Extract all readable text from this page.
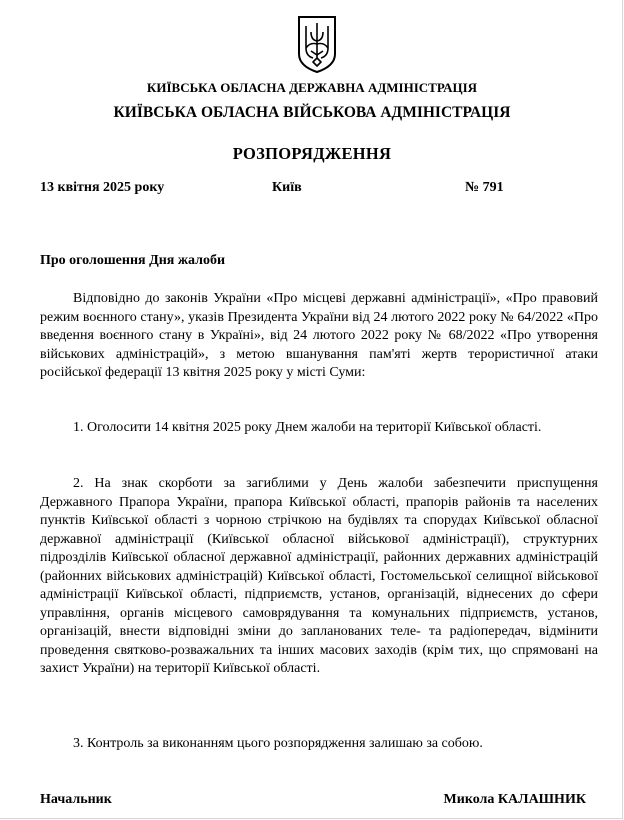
КИЇВСЬКА ОБЛАСНА ДЕРЖАВНА АДМІНІСТРАЦІЯ
КИЇВСЬКА ОБЛАСНА ВІЙСЬКОВА АДМІНІСТРАЦІЯ
РОЗПОРЯДЖЕННЯ
13 квітня 2025 року	Київ	№ 791
Про оголошення Дня жалоби

Відповідно до законів України «Про місцеві державні адміністрації», «Про правовий режим воєнного стану», указів Президента України від 24 лютого 2022 року № 64/2022 «Про введення воєнного стану в Україні», від 24 лютого 2022 року № 68/2022 «Про утворення військових адміністрацій», з метою вшанування пам'яті жертв терористичної атаки російської федерації 13 квітня 2025 року у місті Суми:

1. Оголосити 14 квітня 2025 року Днем жалоби на території Київської області.

2. На знак скорботи за загиблими у День жалоби забезпечити приспущення Державного Прапора України, прапора Київської області, прапорів районів та населених пунктів Київської області з чорною стрічкою на будівлях та спорудах Київської обласної державної адміністрації (Київської обласної військової адміністрації), структурних підрозділів Київської обласної державної адміністрації, районних державних адміністрацій (районних військових адміністрацій) Київської області, Гостомельської селищної військової адміністрації Київської області, підприємств, установ, організацій, віднесених до сфери управління, органів місцевого самоврядування та комунальних підприємств, установ, організацій, внести відповідні зміни до запланованих теле- та радіопередач, відмінити проведення святково-розважальних та інших масових заходів (крім тих, що спрямовані на захист України) на території Київської області.

3. Контроль за виконанням цього розпорядження залишаю за собою.

Начальник	Микола КАЛАШНИК
